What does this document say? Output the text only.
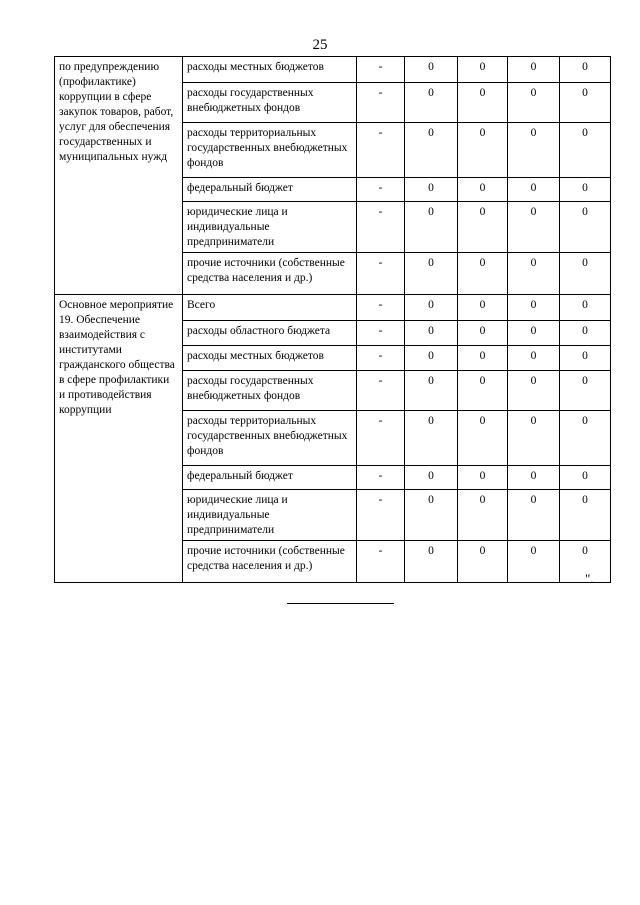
25
по предупреждению (профилактике) коррупции в сфере закупок товаров, работ, услуг для обеспечения государственных и муниципальных нужд	расходы местных бюджетов	-	0	0	0	0
	расходы государственных внебюджетных фондов	-	0	0	0	0
	расходы территориальных государственных внебюджетных фондов	-	0	0	0	0
	федеральный бюджет	-	0	0	0	0
	юридические лица и индивидуальные предприниматели	-	0	0	0	0
	прочие источники (собственные средства населения и др.)	-	0	0	0	0
Основное мероприятие 19. Обеспечение взаимодействия с институтами гражданского общества в сфере профилактики и противодействия коррупции	Всего	-	0	0	0	0
	расходы областного бюджета	-	0	0	0	0
	расходы местных бюджетов	-	0	0	0	0
	расходы государственных внебюджетных фондов	-	0	0	0	0
	расходы территориальных государственных внебюджетных фондов	-	0	0	0	0
	федеральный бюджет	-	0	0	0	0
	юридические лица и индивидуальные предприниматели	-	0	0	0	0
	прочие источники (собственные средства населения и др.)	-	0	0	0	0
".
